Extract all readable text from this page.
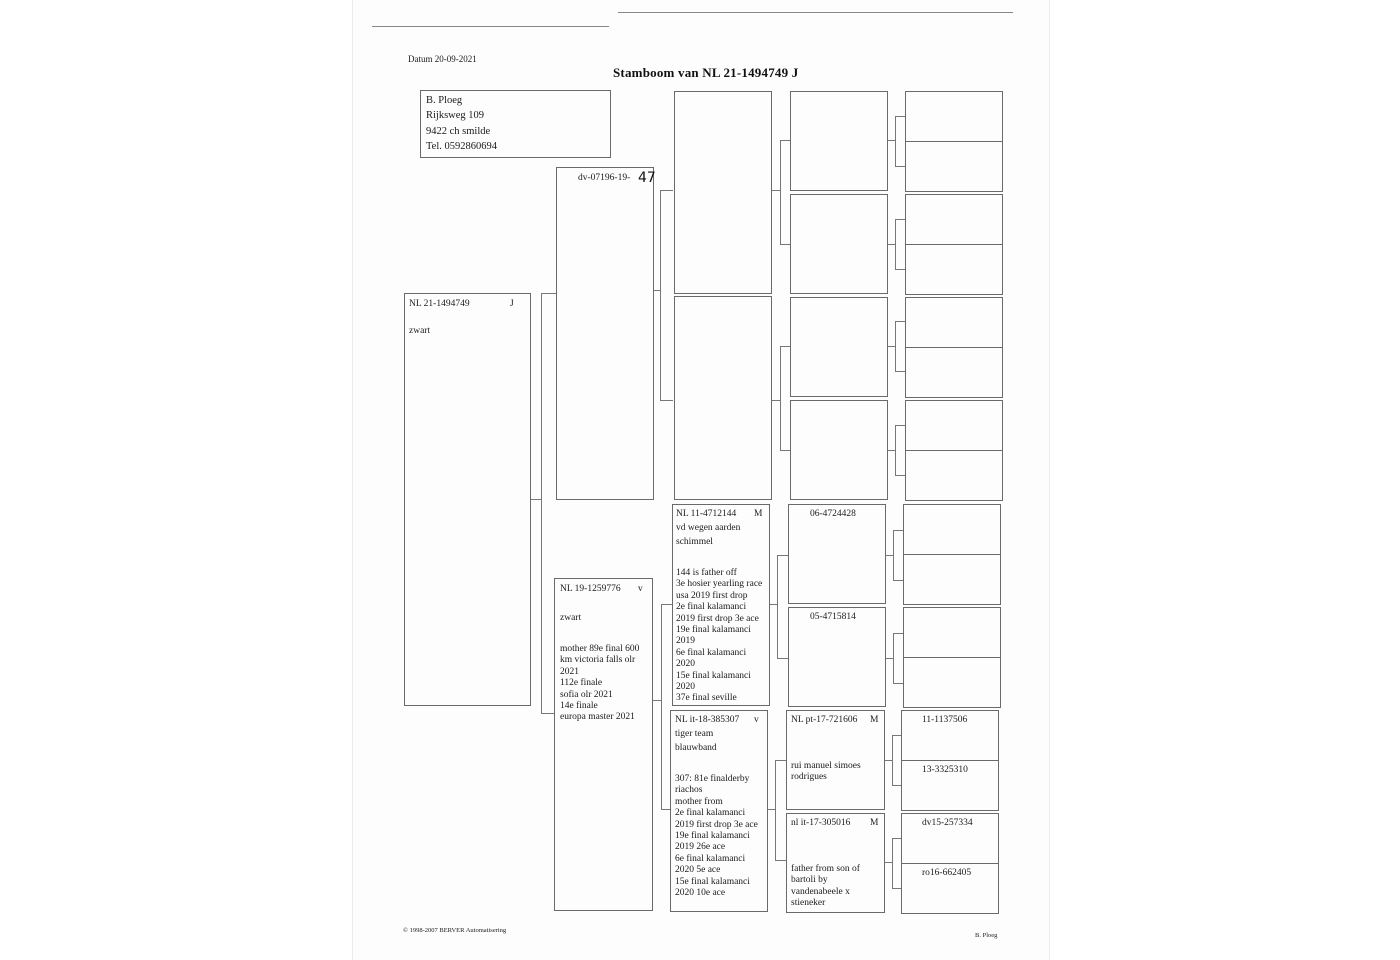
Datum 20-09-2021
Stamboom van NL 21-1494749 J
B. Ploeg
Rijksweg 109
9422 ch smilde
Tel. 0592860694
NL 21-1494749	J
zwart
dv-07196-19- 47
NL 19-1259776 v
zwart
mother 89e final 600
km victoria falls olr
2021
112e finale
sofia olr 2021
14e finale
europa master 2021
NL 11-4712144 M
vd wegen aarden
schimmel
144 is father off
3e hosier yearling race
usa 2019 first drop
2e final kalamanci
2019 first drop 3e ace
19e final kalamanci
2019
6e final kalamanci
2020
15e final kalamanci
2020
37e final seville
NL it-18-385307 v
tiger team
blauwband
307: 81e finalderby
riachos
mother from
2e final kalamanci
2019 first drop 3e ace
19e final kalamanci
2019 26e ace
6e final kalamanci
2020 5e ace
15e final kalamanci
2020 10e ace
06-4724428
05-4715814
NL pt-17-721606 M
rui manuel simoes
rodrigues
nl it-17-305016 M
father from son of
bartoli by
vandenabeele x
stieneker
11-1137506
13-3325310
dv15-257334
ro16-662405
© 1998-2007 BERVER Automatisering
B. Ploeg
